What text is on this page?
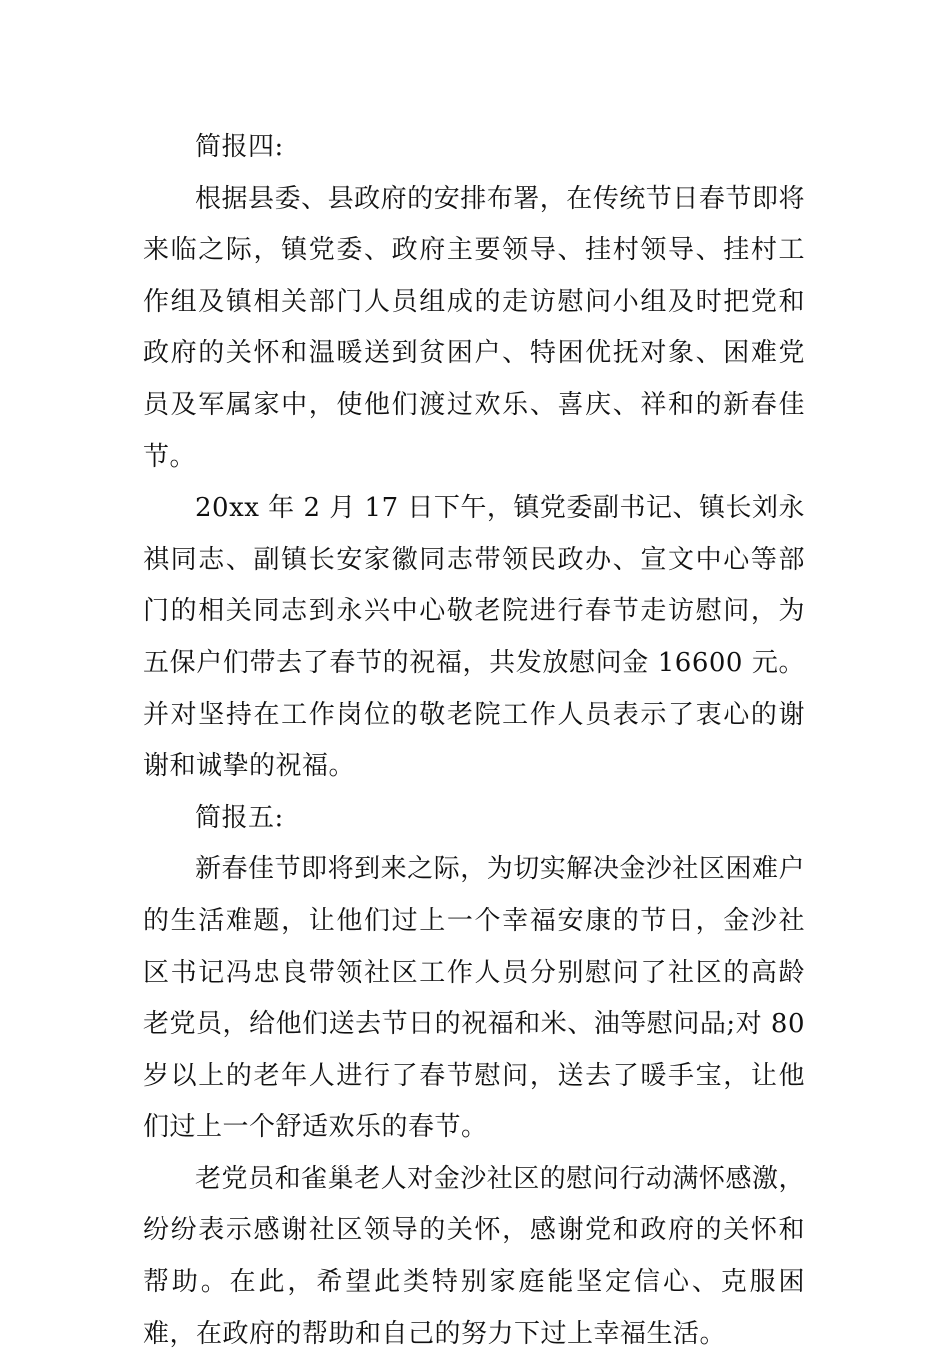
简报四:

根据县委、县政府的安排布署，在传统节日春节即将来临之际，镇党委、政府主要领导、挂村领导、挂村工作组及镇相关部门人员组成的走访慰问小组及时把党和政府的关怀和温暖送到贫困户、特困优抚对象、困难党员及军属家中，使他们渡过欢乐、喜庆、祥和的新春佳节。

20xx 年 2 月 17 日下午，镇党委副书记、镇长刘永祺同志、副镇长安家徽同志带领民政办、宣文中心等部门的相关同志到永兴中心敬老院进行春节走访慰问，为五保户们带去了春节的祝福，共发放慰问金 16600 元。并对坚持在工作岗位的敬老院工作人员表示了衷心的谢谢和诚挚的祝福。

简报五:

新春佳节即将到来之际，为切实解决金沙社区困难户的生活难题，让他们过上一个幸福安康的节日，金沙社区书记冯忠良带领社区工作人员分别慰问了社区的高龄老党员，给他们送去节日的祝福和米、油等慰问品;对 80 岁以上的老年人进行了春节慰问，送去了暖手宝，让他们过上一个舒适欢乐的春节。

老党员和雀巢老人对金沙社区的慰问行动满怀感激，纷纷表示感谢社区领导的关怀，感谢党和政府的关怀和帮助。在此，希望此类特别家庭能坚定信心、克服困难，在政府的帮助和自己的努力下过上幸福生活。
